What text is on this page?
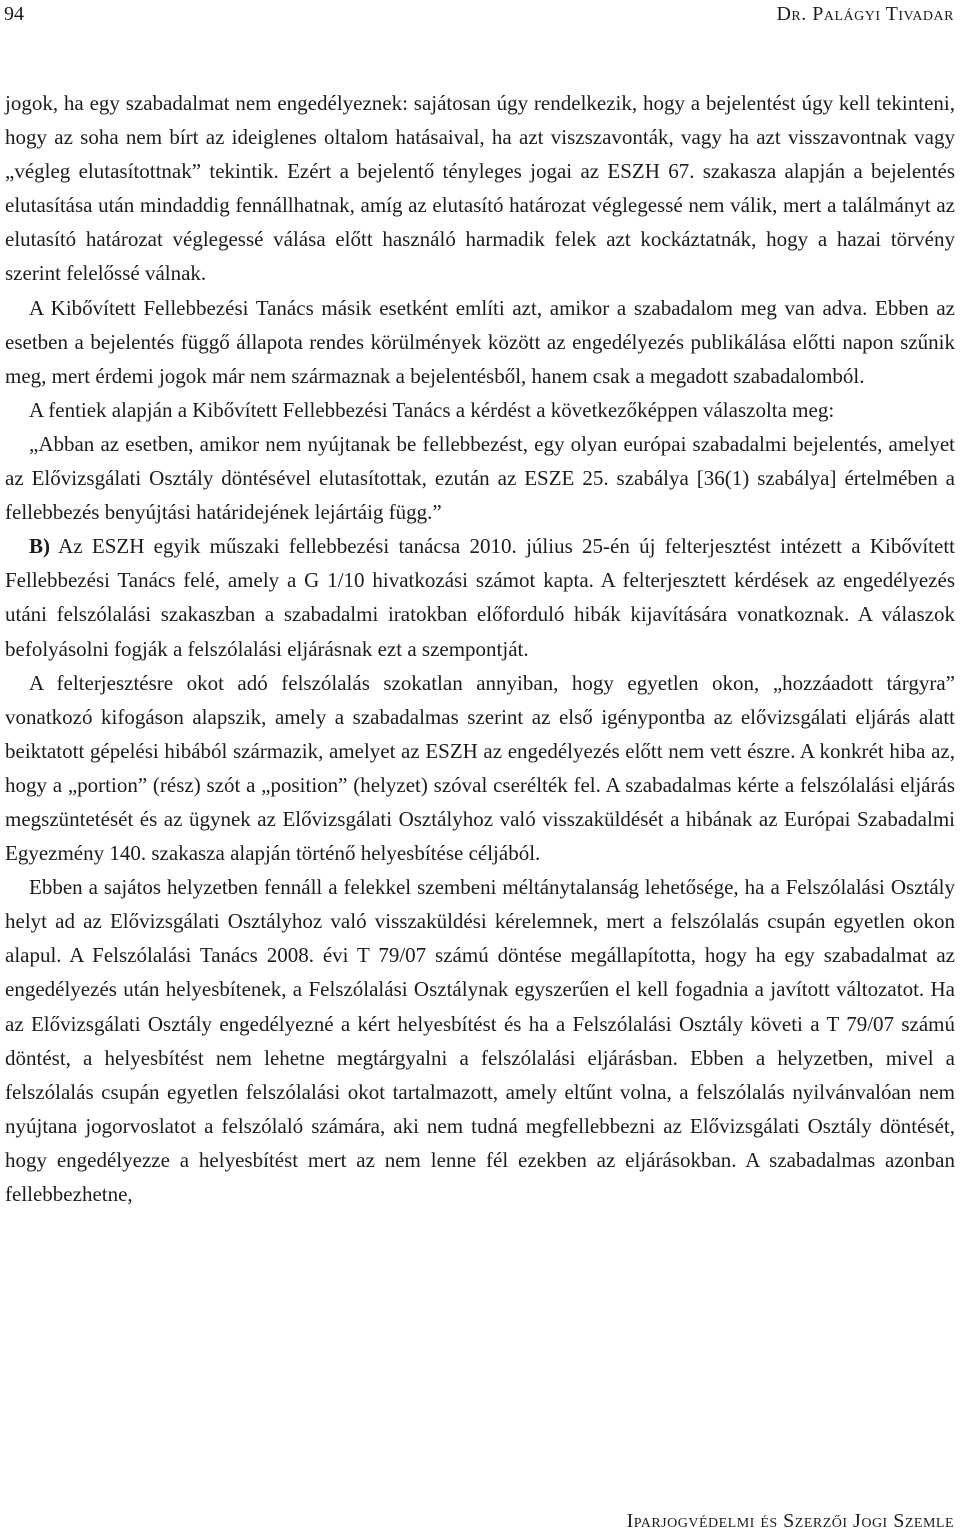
94	Dr. Palágyi Tivadar

jogok, ha egy szabadalmat nem engedélyeznek: sajátosan úgy rendelkezik, hogy a bejelentést úgy kell tekinteni, hogy az soha nem bírt az ideiglenes oltalom hatásaival, ha azt viszszavonták, vagy ha azt visszavontnak vagy „végleg elutasítottnak” tekintik. Ezért a bejelentő tényleges jogai az ESZH 67. szakasza alapján a bejelentés elutasítása után mindaddig fennállhatnak, amíg az elutasító határozat véglegessé nem válik, mert a találmányt az elutasító határozat véglegessé válása előtt használó harmadik felek azt kockáztatnák, hogy a hazai törvény szerint felelőssé válnak.

A Kibővített Fellebbezési Tanács másik esetként említi azt, amikor a szabadalom meg van adva. Ebben az esetben a bejelentés függő állapota rendes körülmények között az engedélyezés publikálása előtti napon szűnik meg, mert érdemi jogok már nem származnak a bejelentésből, hanem csak a megadott szabadalomból.

A fentiek alapján a Kibővített Fellebbezési Tanács a kérdést a következőképpen válaszolta meg:

„Abban az esetben, amikor nem nyújtanak be fellebbezést, egy olyan európai szabadalmi bejelentés, amelyet az Elővizsgálati Osztály döntésével elutasítottak, ezután az ESZE 25. szabálya [36(1) szabálya] értelmében a fellebbezés benyújtási határidejének lejártáig függ.”

B) Az ESZH egyik műszaki fellebbezési tanácsa 2010. július 25-én új felterjesztést intézett a Kibővített Fellebbezési Tanács felé, amely a G 1/10 hivatkozási számot kapta. A felterjesztett kérdések az engedélyezés utáni felszólalási szakaszban a szabadalmi iratokban előforduló hibák kijavítására vonatkoznak. A válaszok befolyásolni fogják a felszólalási eljárásnak ezt a szempontját.

A felterjesztésre okot adó felszólalás szokatlan annyiban, hogy egyetlen okon, „hozzáadott tárgyra” vonatkozó kifogáson alapszik, amely a szabadalmas szerint az első igénypontba az elővizsgálati eljárás alatt beiktatott gépelési hibából származik, amelyet az ESZH az engedélyezés előtt nem vett észre. A konkrét hiba az, hogy a „portion” (rész) szót a „position” (helyzet) szóval cserélték fel. A szabadalmas kérte a felszólalási eljárás megszüntetését és az ügynek az Elővizsgálati Osztályhoz való visszaküldését a hibának az Európai Szabadalmi Egyezmény 140. szakasza alapján történő helyesbítése céljából.

Ebben a sajátos helyzetben fennáll a felekkel szembeni méltánytalanság lehetősége, ha a Felszólalási Osztály helyt ad az Elővizsgálati Osztályhoz való visszaküldési kérelemnek, mert a felszólalás csupán egyetlen okon alapul. A Felszólalási Tanács 2008. évi T 79/07 számú döntése megállapította, hogy ha egy szabadalmat az engedélyezés után helyesbítenek, a Felszólalási Osztálynak egyszerűen el kell fogadnia a javított változatot. Ha az Elővizsgálati Osztály engedélyezné a kért helyesbítést és ha a Felszólalási Osztály követi a T 79/07 számú döntést, a helyesbítést nem lehetne megtárgyalni a felszólalási eljárásban. Ebben a helyzetben, mivel a felszólalás csupán egyetlen felszólalási okot tartalmazott, amely eltűnt volna, a felszólalás nyilvánvalóan nem nyújtana jogorvoslatot a felszólaló számára, aki nem tudná megfellebbezni az Elővizsgálati Osztály döntését, hogy engedélyezze a helyesbítést mert az nem lenne fél ezekben az eljárásokban. A szabadalmas azonban fellebbezhetne,

Iparjogvédelmi és Szerzői Jogi Szemle
